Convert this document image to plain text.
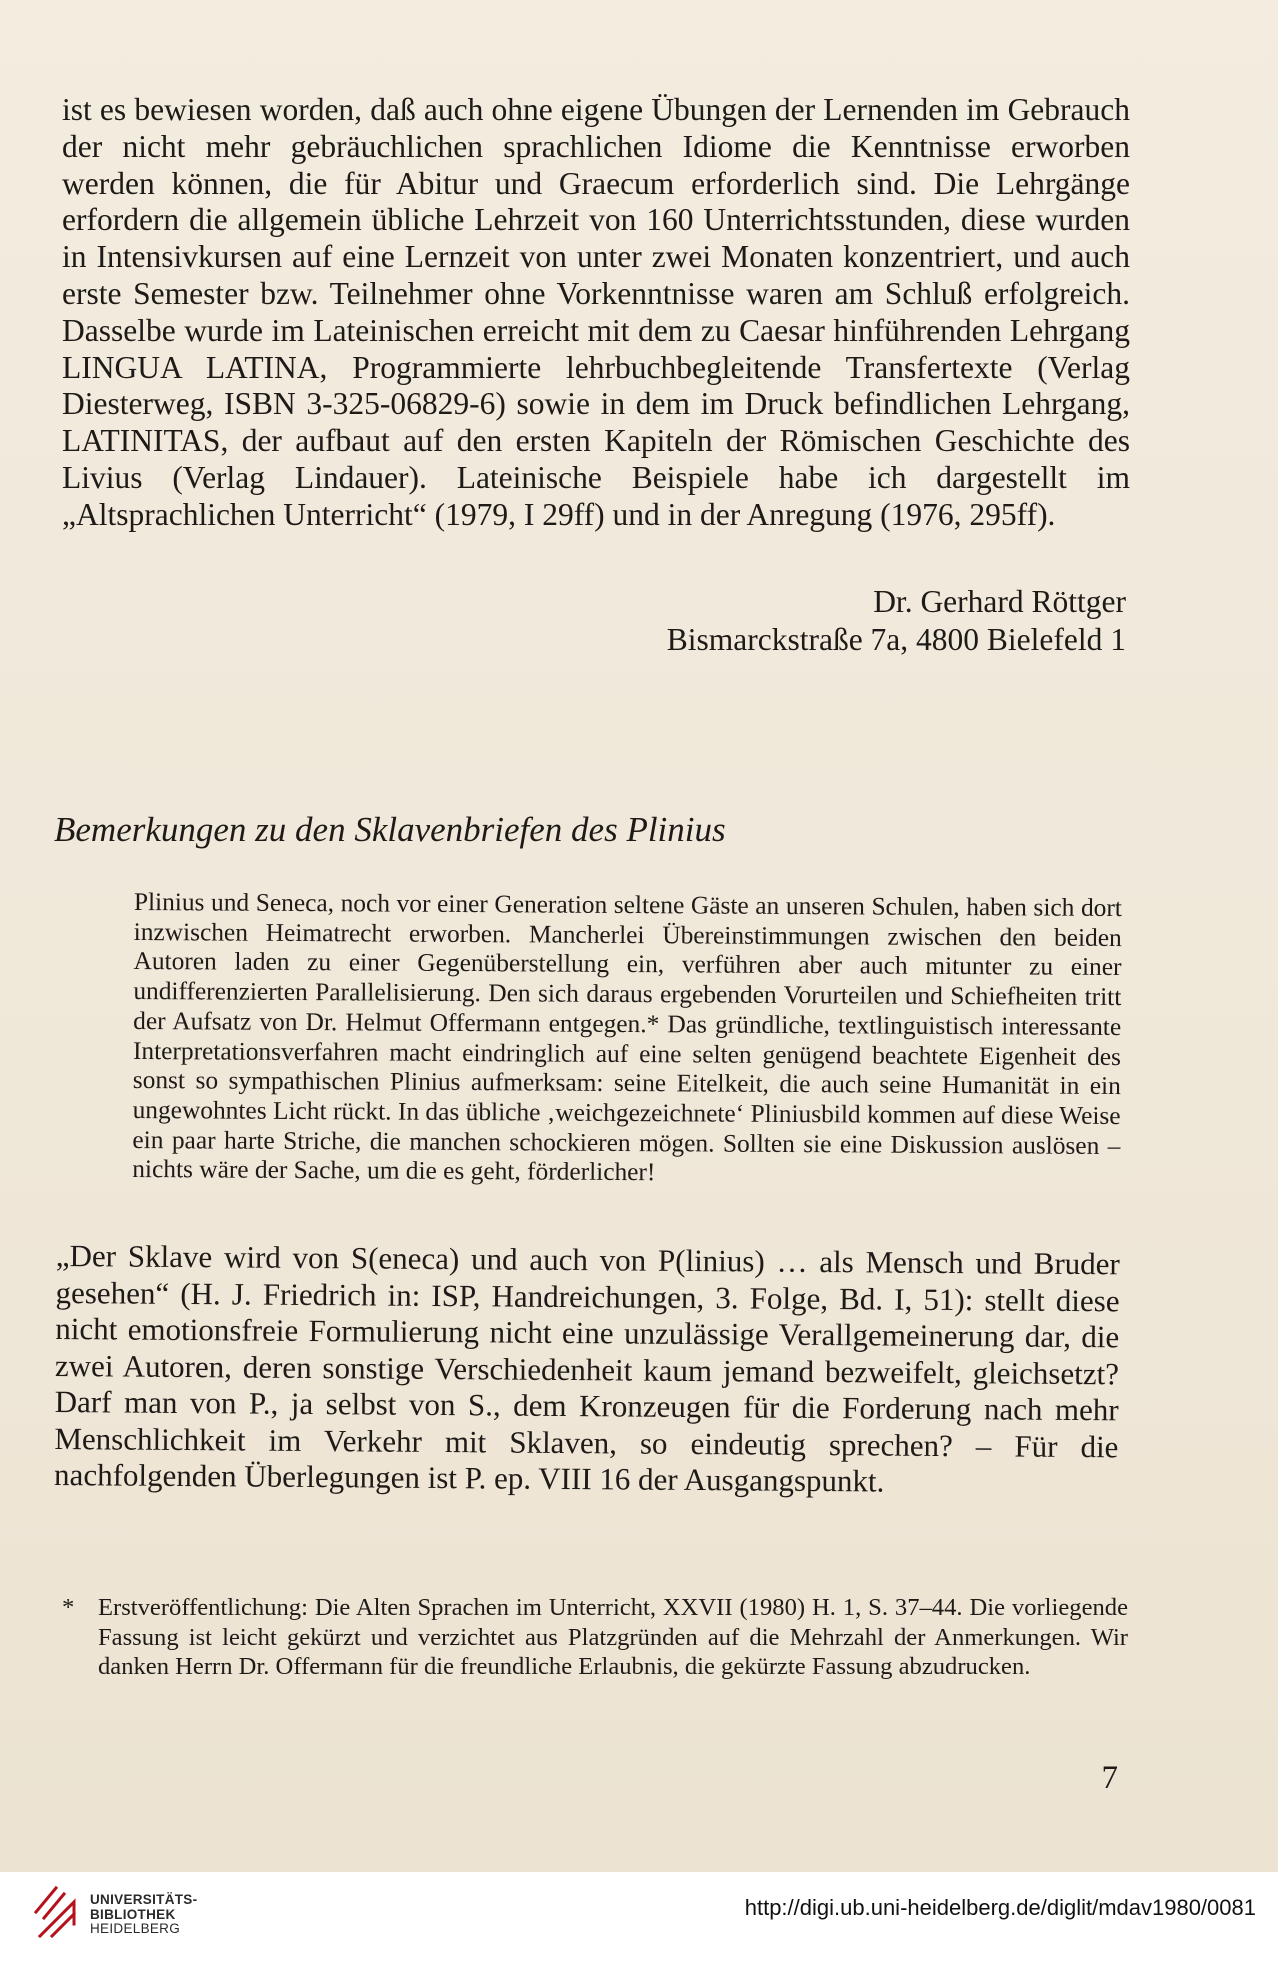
ist es bewiesen worden, daß auch ohne eigene Übungen der Lernenden im Gebrauch der nicht mehr gebräuchlichen sprachlichen Idiome die Kenntnisse erworben werden können, die für Abitur und Graecum erforderlich sind. Die Lehrgänge erfordern die allgemein übliche Lehrzeit von 160 Unterrichtsstunden, diese wurden in Intensivkursen auf eine Lernzeit von unter zwei Monaten konzentriert, und auch erste Semester bzw. Teilnehmer ohne Vorkenntnisse waren am Schluß erfolgreich. Dasselbe wurde im Lateinischen erreicht mit dem zu Caesar hinführenden Lehrgang LINGUA LATINA, Programmierte lehrbuchbegleitende Transfertexte (Verlag Diesterweg, ISBN 3-325-06829-6) sowie in dem im Druck befindlichen Lehrgang, LATINITAS, der aufbaut auf den ersten Kapiteln der Römischen Geschichte des Livius (Verlag Lindauer). Lateinische Beispiele habe ich dargestellt im „Altsprachlichen Unterricht“ (1979, I 29ff) und in der Anregung (1976, 295ff).

Dr. Gerhard Röttger
Bismarckstraße 7a, 4800 Bielefeld 1
Bemerkungen zu den Sklavenbriefen des Plinius

Plinius und Seneca, noch vor einer Generation seltene Gäste an unseren Schulen, haben sich dort inzwischen Heimatrecht erworben. Mancherlei Übereinstimmungen zwischen den beiden Autoren laden zu einer Gegenüberstellung ein, verführen aber auch mitunter zu einer undifferenzierten Parallelisierung. Den sich daraus ergebenden Vorurteilen und Schiefheiten tritt der Aufsatz von Dr. Helmut Offermann entgegen.* Das gründliche, textlinguistisch interessante Interpretationsverfahren macht eindringlich auf eine selten genügend beachtete Eigenheit des sonst so sympathischen Plinius aufmerksam: seine Eitelkeit, die auch seine Humanität in ein ungewohntes Licht rückt. In das übliche ‚weichgezeichnete‘ Pliniusbild kommen auf diese Weise ein paar harte Striche, die manchen schockieren mögen. Sollten sie eine Diskussion auslösen – nichts wäre der Sache, um die es geht, förderlicher!

„Der Sklave wird von S(eneca) und auch von P(linius) … als Mensch und Bruder gesehen“ (H. J. Friedrich in: ISP, Handreichungen, 3. Folge, Bd. I, 51): stellt diese nicht emotionsfreie Formulierung nicht eine unzulässige Verallgemeinerung dar, die zwei Autoren, deren sonstige Verschiedenheit kaum jemand bezweifelt, gleichsetzt? Darf man von P., ja selbst von S., dem Kronzeugen für die Forderung nach mehr Menschlichkeit im Verkehr mit Sklaven, so eindeutig sprechen? – Für die nachfolgenden Überlegungen ist P. ep. VIII 16 der Ausgangspunkt.

* Erstveröffentlichung: Die Alten Sprachen im Unterricht, XXVII (1980) H. 1, S. 37–44. Die vorliegende Fassung ist leicht gekürzt und verzichtet aus Platzgründen auf die Mehrzahl der Anmerkungen. Wir danken Herrn Dr. Offermann für die freundliche Erlaubnis, die gekürzte Fassung abzudrucken.

7
UNIVERSITÄTS-
BIBLIOTHEK
HEIDELBERG
http://digi.ub.uni-heidelberg.de/diglit/mdav1980/0081
